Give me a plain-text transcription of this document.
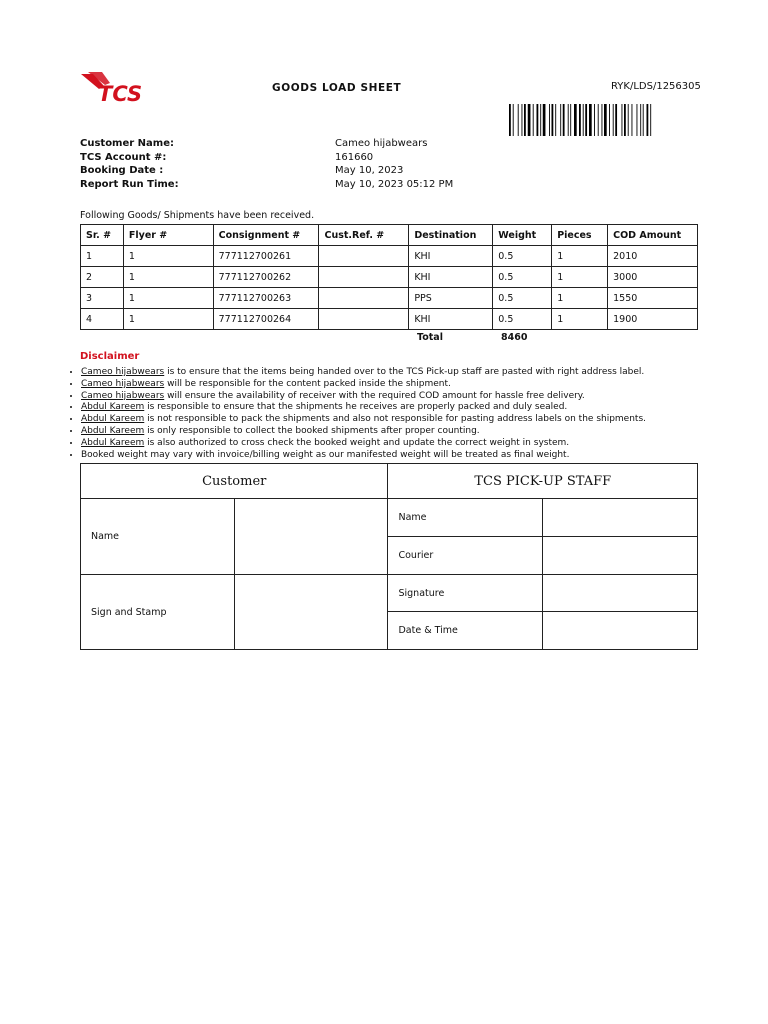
TCS	GOODS LOAD SHEET	RYK/LDS/1256305
Customer Name:	Cameo hijabwears
TCS Account #:	161660
Booking Date :	May 10, 2023
Report Run Time:	May 10, 2023 05:12 PM
Following Goods/ Shipments have been received.
Sr. #	Flyer #	Consignment #	Cust.Ref. #	Destination	Weight	Pieces	COD Amount
1	1	777112700261		KHI	0.5	1	2010
2	1	777112700262		KHI	0.5	1	3000
3	1	777112700263		PPS	0.5	1	1550
4	1	777112700264		KHI	0.5	1	1900
Total	8460
Disclaimer
• Cameo hijabwears is to ensure that the items being handed over to the TCS Pick-up staff are pasted with right address label.
• Cameo hijabwears will be responsible for the content packed inside the shipment.
• Cameo hijabwears will ensure the availability of receiver with the required COD amount for hassle free delivery.
• Abdul Kareem is responsible to ensure that the shipments he receives are properly packed and duly sealed.
• Abdul Kareem is not responsible to pack the shipments and also not responsible for pasting address labels on the shipments.
• Abdul Kareem is only responsible to collect the booked shipments after proper counting.
• Abdul Kareem is also authorized to cross check the booked weight and update the correct weight in system.
• Booked weight may vary with invoice/billing weight as our manifested weight will be treated as final weight.
Customer		TCS PICK-UP STAFF	
Name		Name	
		Courier	
Sign and Stamp		Signature	
		Date & Time	
